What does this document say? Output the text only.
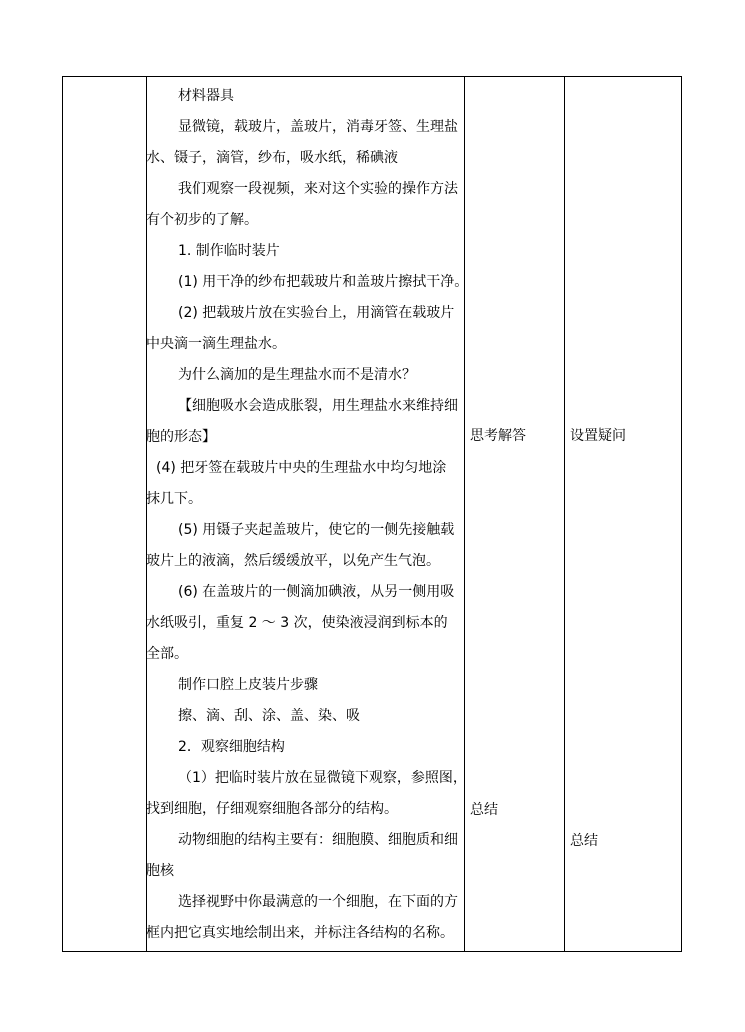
材料器具
显微镜，载玻片，盖玻片，消毒牙签、生理盐
水、镊子，滴管，纱布，吸水纸，稀碘液
我们观察一段视频，来对这个实验的操作方法
有个初步的了解。
1. 制作临时装片
(1) 用干净的纱布把载玻片和盖玻片擦拭干净。
(2) 把载玻片放在实验台上，用滴管在载玻片
中央滴一滴生理盐水。
为什么滴加的是生理盐水而不是清水？
【细胞吸水会造成胀裂，用生理盐水来维持细
胞的形态】
(4) 把牙签在载玻片中央的生理盐水中均匀地涂
抹几下。
(5) 用镊子夹起盖玻片，使它的一侧先接触载
玻片上的液滴，然后缓缓放平，以免产生气泡。
(6) 在盖玻片的一侧滴加碘液，从另一侧用吸
水纸吸引，重复 2 ～ 3 次，使染液浸润到标本的
全部。
制作口腔上皮装片步骤
擦、滴、刮、涂、盖、染、吸
2．观察细胞结构
（1）把临时装片放在显微镜下观察，参照图，
找到细胞，仔细观察细胞各部分的结构。
动物细胞的结构主要有：细胞膜、细胞质和细
胞核
选择视野中你最满意的一个细胞，在下面的方
框内把它真实地绘制出来，并标注各结构的名称。
思考解答
总结
设置疑问
总结
